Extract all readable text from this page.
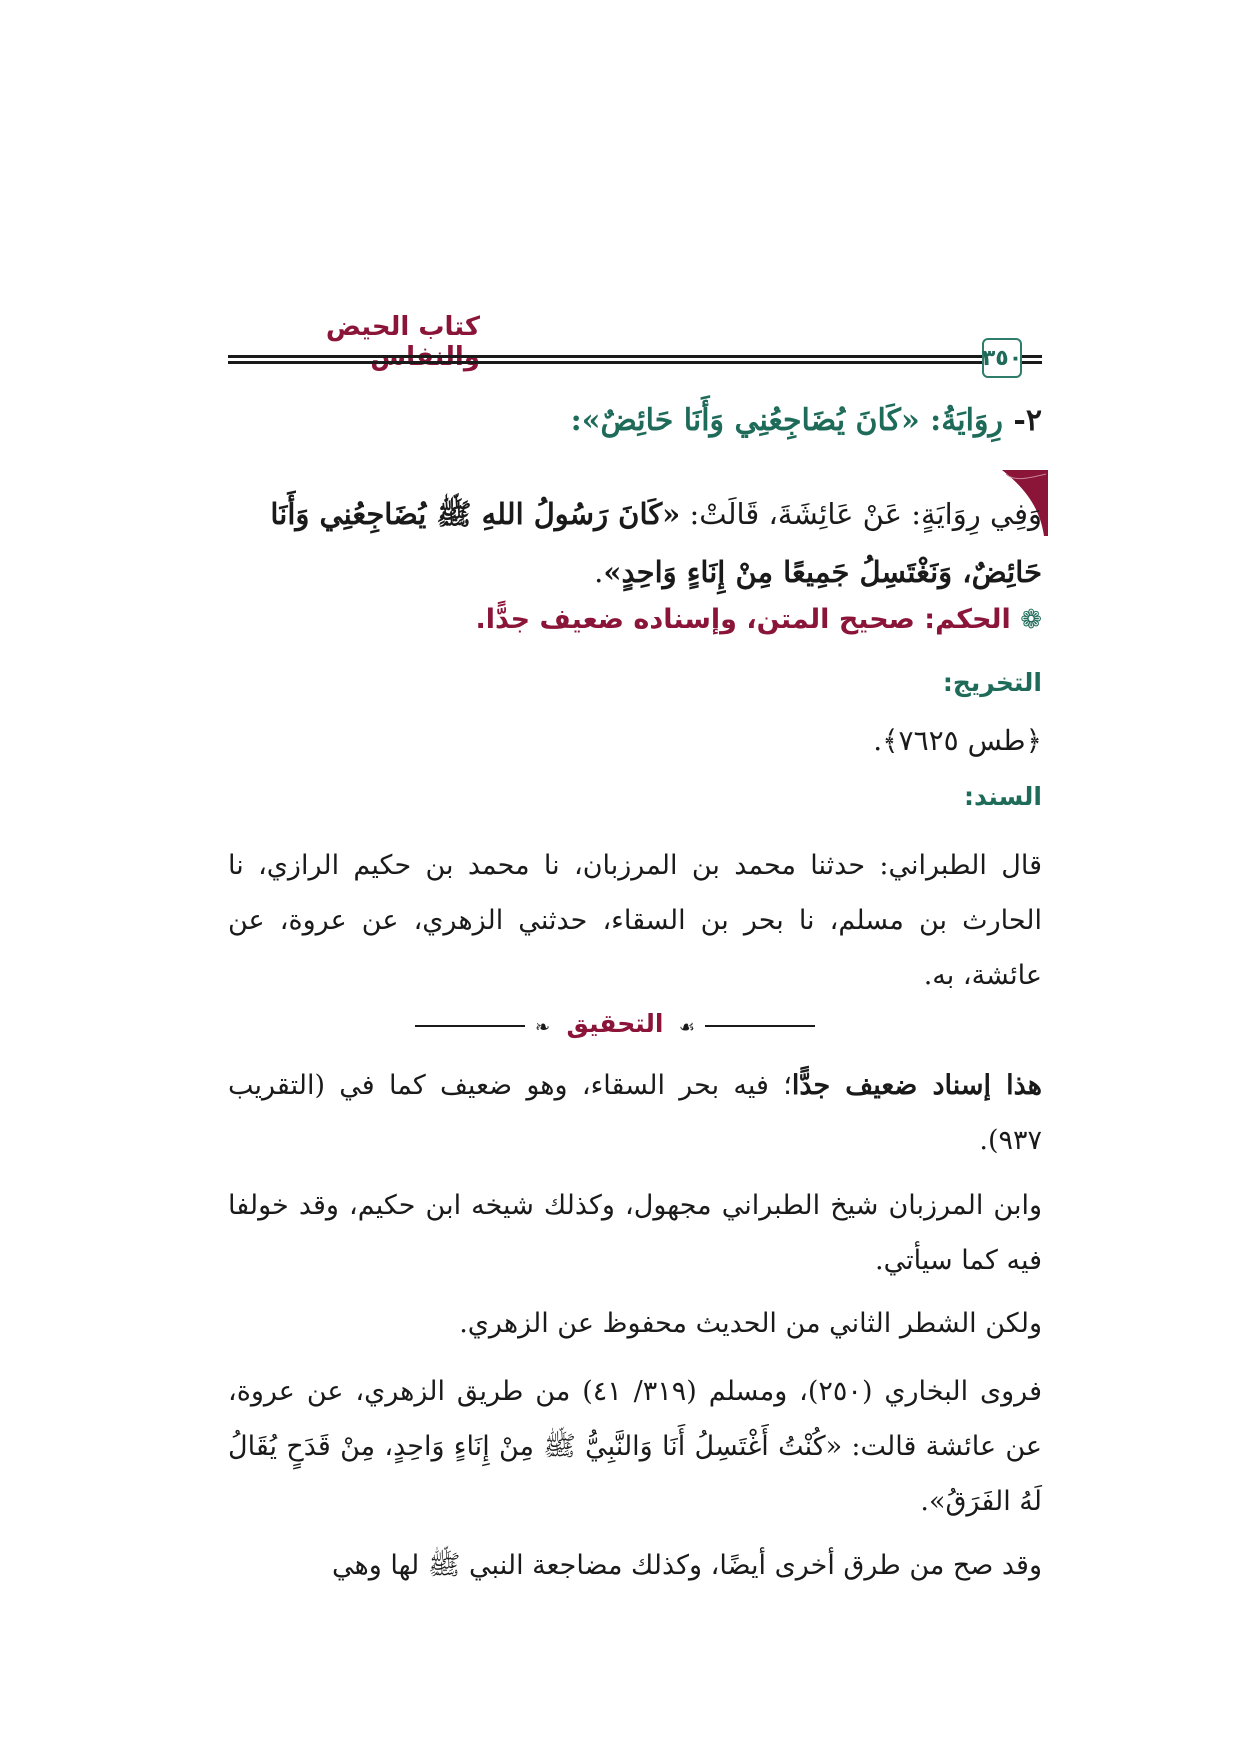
كتاب الحيض
٣٥٠
٢- رِوَايَةُ: «كَانَ يُضَاجِعُنِي وَأَنَا حَائِضٌ»:
وَفِي رِوَايَةٍ: عَنْ عَائِشَةَ، قَالَتْ: «كَانَ رَسُولُ اللهِ ﷺ يُضَاجِعُنِي وَأَنَا حَائِضٌ، وَنَغْتَسِلُ جَمِيعًا مِنْ إِنَاءٍ وَاحِدٍ».
❁ الحكم: صحيح المتن، وإسناده ضعيف جدًّا.
التخريج:
﴿طس ٧٦٢٥﴾.
السند:
قال الطبراني: حدثنا محمد بن المرزبان، نا محمد بن حكيم الرازي، نا الحارث بن مسلم، نا بحر بن السقاء، حدثني الزهري، عن عروة، عن عائشة، به.
❧	☙
التحقيق
هذا إسناد ضعيف جدًّا؛ فيه بحر السقاء، وهو ضعيف كما في (التقريب ٩٣٧).
وابن المرزبان شيخ الطبراني مجهول، وكذلك شيخه ابن حكيم، وقد خولفا فيه كما سيأتي.
ولكن الشطر الثاني من الحديث محفوظ عن الزهري.
فروى البخاري (٢٥٠)، ومسلم (٣١٩/ ٤١) من طريق الزهري، عن عروة، عن عائشة قالت: «كُنْتُ أَغْتَسِلُ أَنَا وَالنَّبِيُّ ﷺ مِنْ إِنَاءٍ وَاحِدٍ، مِنْ قَدَحٍ يُقَالُ لَهُ الفَرَقُ».
وقد صح من طرق أخرى أيضًا، وكذلك مضاجعة النبي ﷺ لها وهي
